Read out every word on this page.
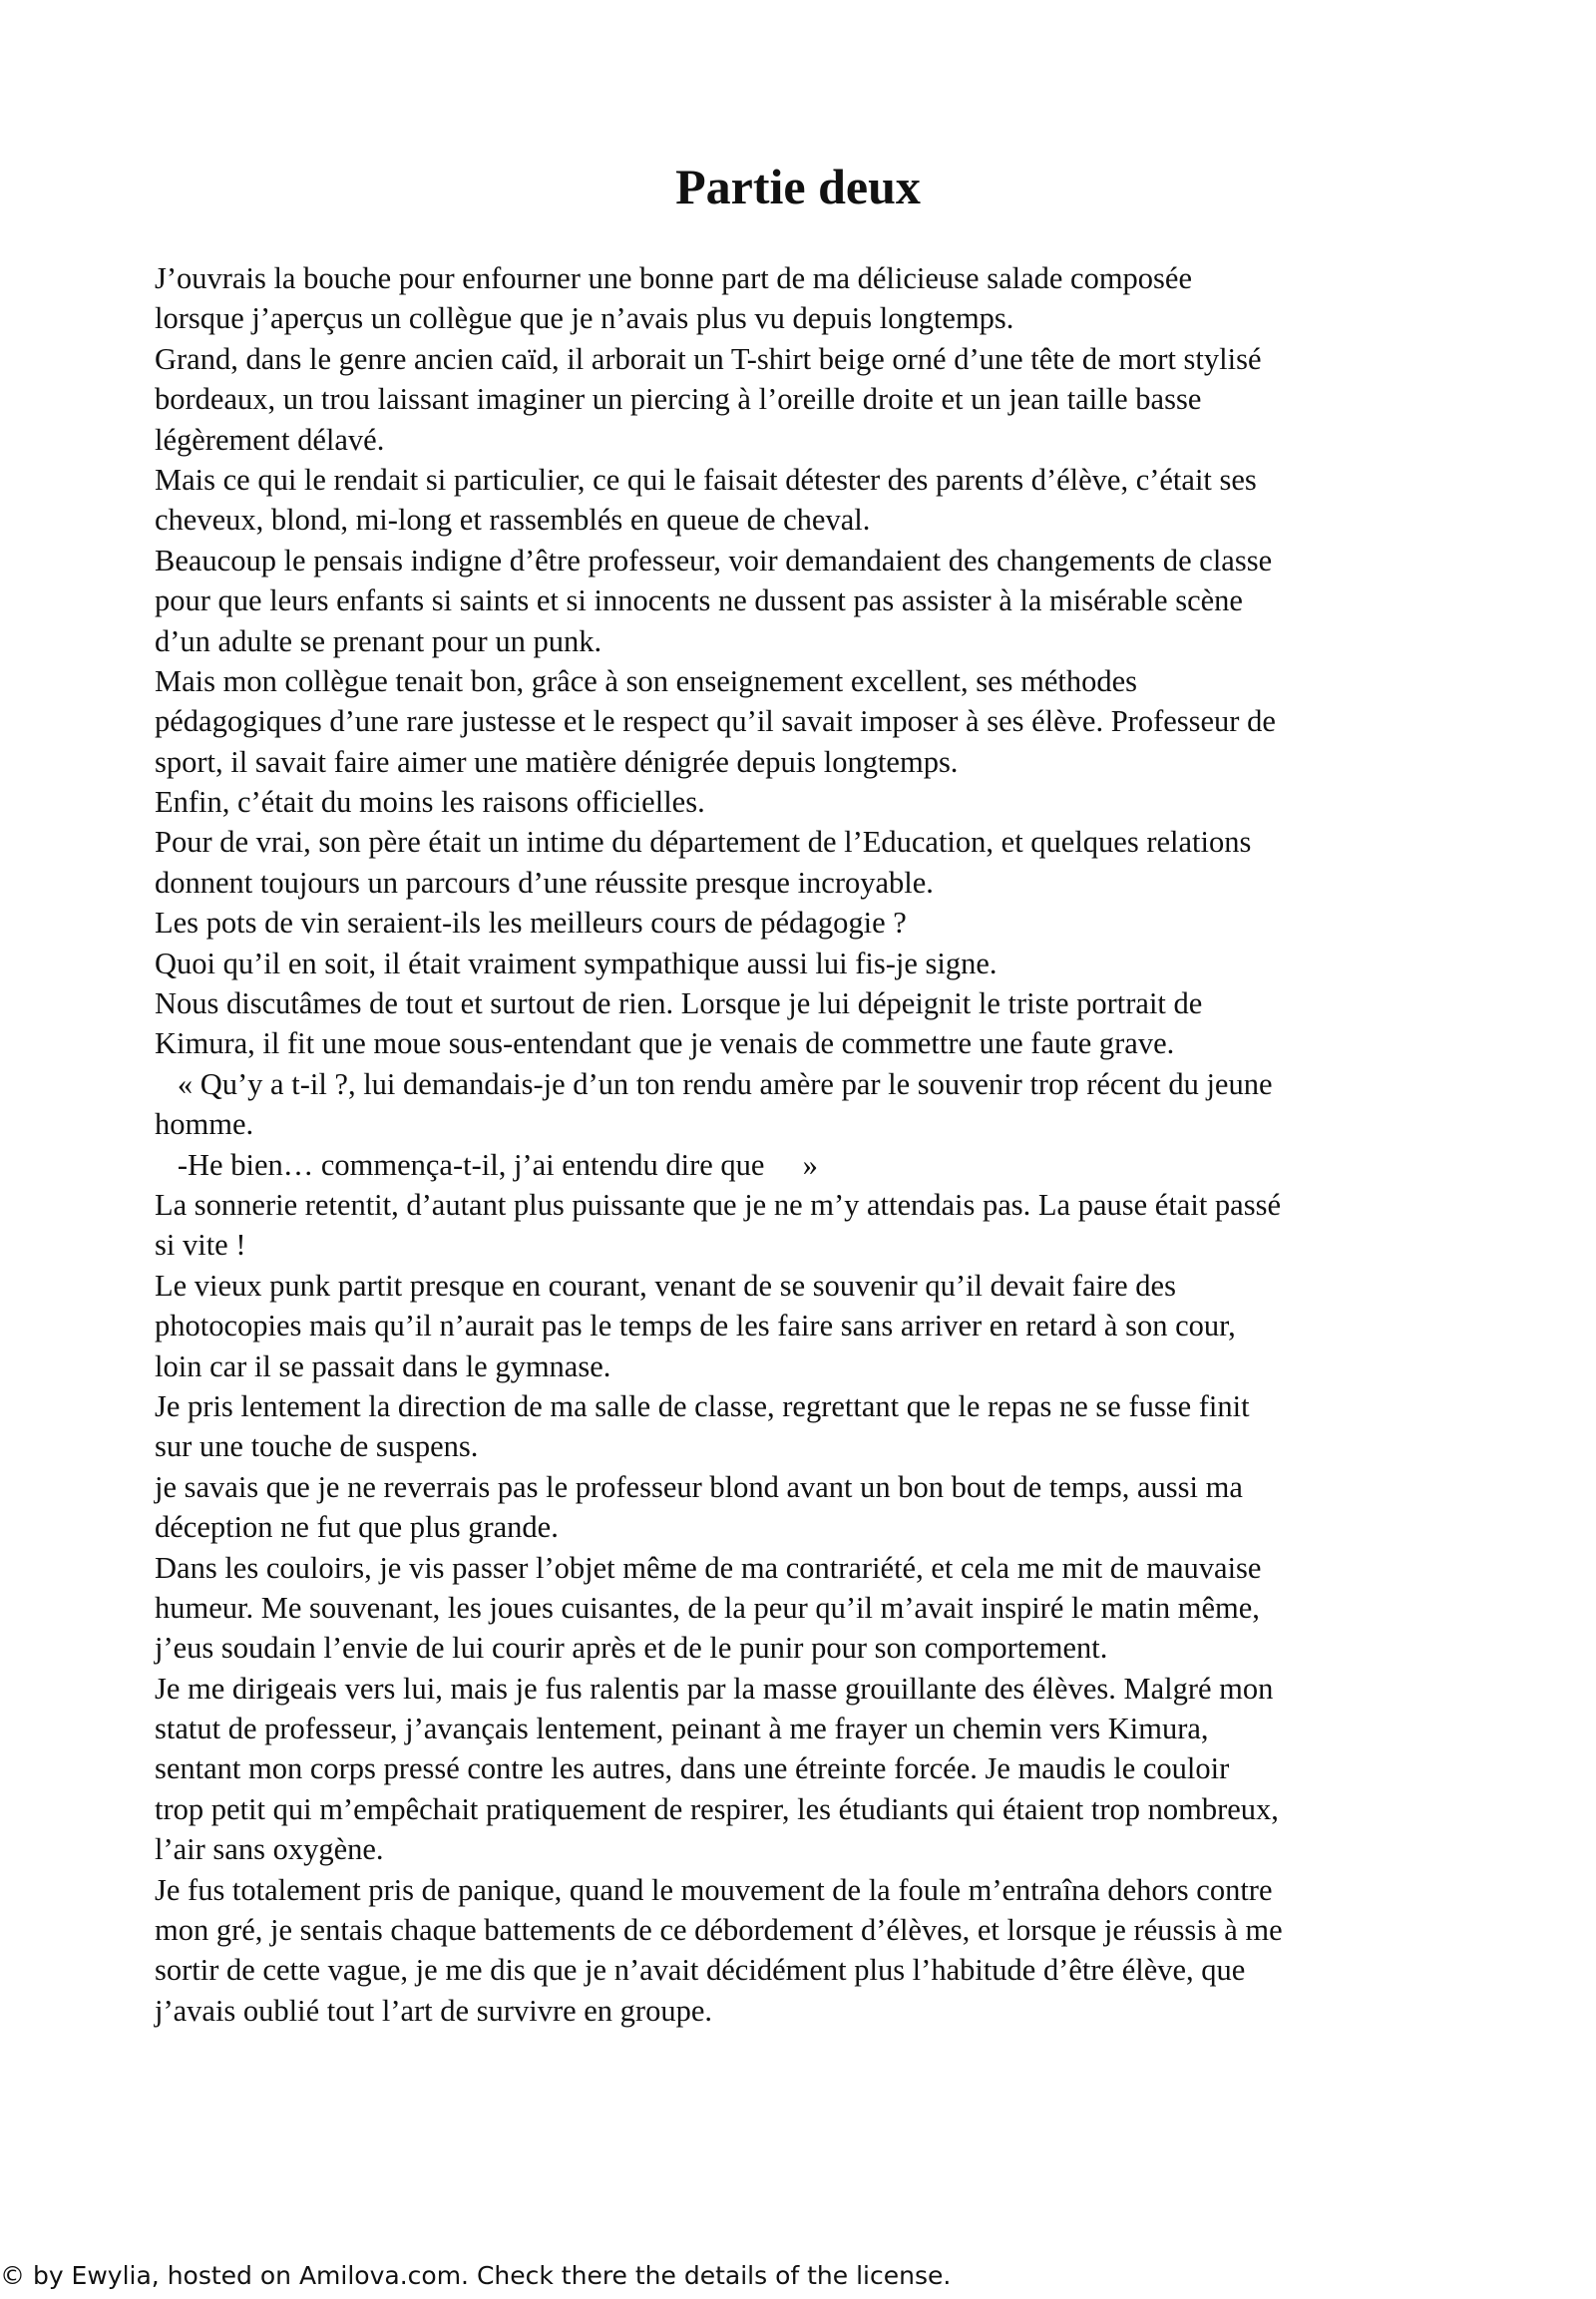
Partie deux
J’ouvrais la bouche pour enfourner une bonne part de ma délicieuse salade composée
lorsque j’aperçus un collègue que je n’avais plus vu depuis longtemps.
Grand, dans le genre ancien caïd, il arborait un T-shirt beige orné d’une tête de mort stylisé
bordeaux, un trou laissant imaginer un piercing à l’oreille droite et un jean taille basse
légèrement délavé.
Mais ce qui le rendait si particulier, ce qui le faisait détester des parents d’élève, c’était ses
cheveux, blond, mi-long et rassemblés en queue de cheval.
Beaucoup le pensais indigne d’être professeur, voir demandaient des changements de classe
pour que leurs enfants si saints et si innocents ne dussent pas assister à la misérable scène
d’un adulte se prenant pour un punk.
Mais mon collègue tenait bon, grâce à son enseignement excellent, ses méthodes
pédagogiques d’une rare justesse et le respect qu’il savait imposer à ses élève. Professeur de
sport, il savait faire aimer une matière dénigrée depuis longtemps.
Enfin, c’était du moins les raisons officielles.
Pour de vrai, son père était un intime du département de l’Education, et quelques relations
donnent toujours un parcours d’une réussite presque incroyable.
Les pots de vin seraient-ils les meilleurs cours de pédagogie ?
Quoi qu’il en soit, il était vraiment sympathique aussi lui fis-je signe.
Nous discutâmes de tout et surtout de rien. Lorsque je lui dépeignit le triste portrait de
Kimura, il fit une moue sous-entendant que je venais de commettre une faute grave.
« Qu’y a t-il ?, lui demandais-je d’un ton rendu amère par le souvenir trop récent du jeune
homme.
-He bien… commença-t-il, j’ai entendu dire que     »
La sonnerie retentit, d’autant plus puissante que je ne m’y attendais pas. La pause était passé
si vite !
Le vieux punk partit presque en courant, venant de se souvenir qu’il devait faire des
photocopies mais qu’il n’aurait pas le temps de les faire sans arriver en retard à son cour,
loin car il se passait dans le gymnase.
Je pris lentement la direction de ma salle de classe, regrettant que le repas ne se fusse finit
sur une touche de suspens.
je savais que je ne reverrais pas le professeur blond avant un bon bout de temps, aussi ma
déception ne fut que plus grande.
Dans les couloirs, je vis passer l’objet même de ma contrariété, et cela me mit de mauvaise
humeur. Me souvenant, les joues cuisantes, de la peur qu’il m’avait inspiré le matin même,
j’eus soudain l’envie de lui courir après et de le punir pour son comportement.
Je me dirigeais vers lui, mais je fus ralentis par la masse grouillante des élèves. Malgré mon
statut de professeur, j’avançais lentement, peinant à me frayer un chemin vers Kimura,
sentant mon corps pressé contre les autres, dans une étreinte forcée. Je maudis le couloir
trop petit qui m’empêchait pratiquement de respirer, les étudiants qui étaient trop nombreux,
l’air sans oxygène.
Je fus totalement pris de panique, quand le mouvement de la foule m’entraîna dehors contre
mon gré, je sentais chaque battements de ce débordement d’élèves, et lorsque je réussis à me
sortir de cette vague, je me dis que je n’avait décidément plus l’habitude d’être élève, que
j’avais oublié tout l’art de survivre en groupe.
© by Ewylia, hosted on Amilova.com. Check there the details of the license.
